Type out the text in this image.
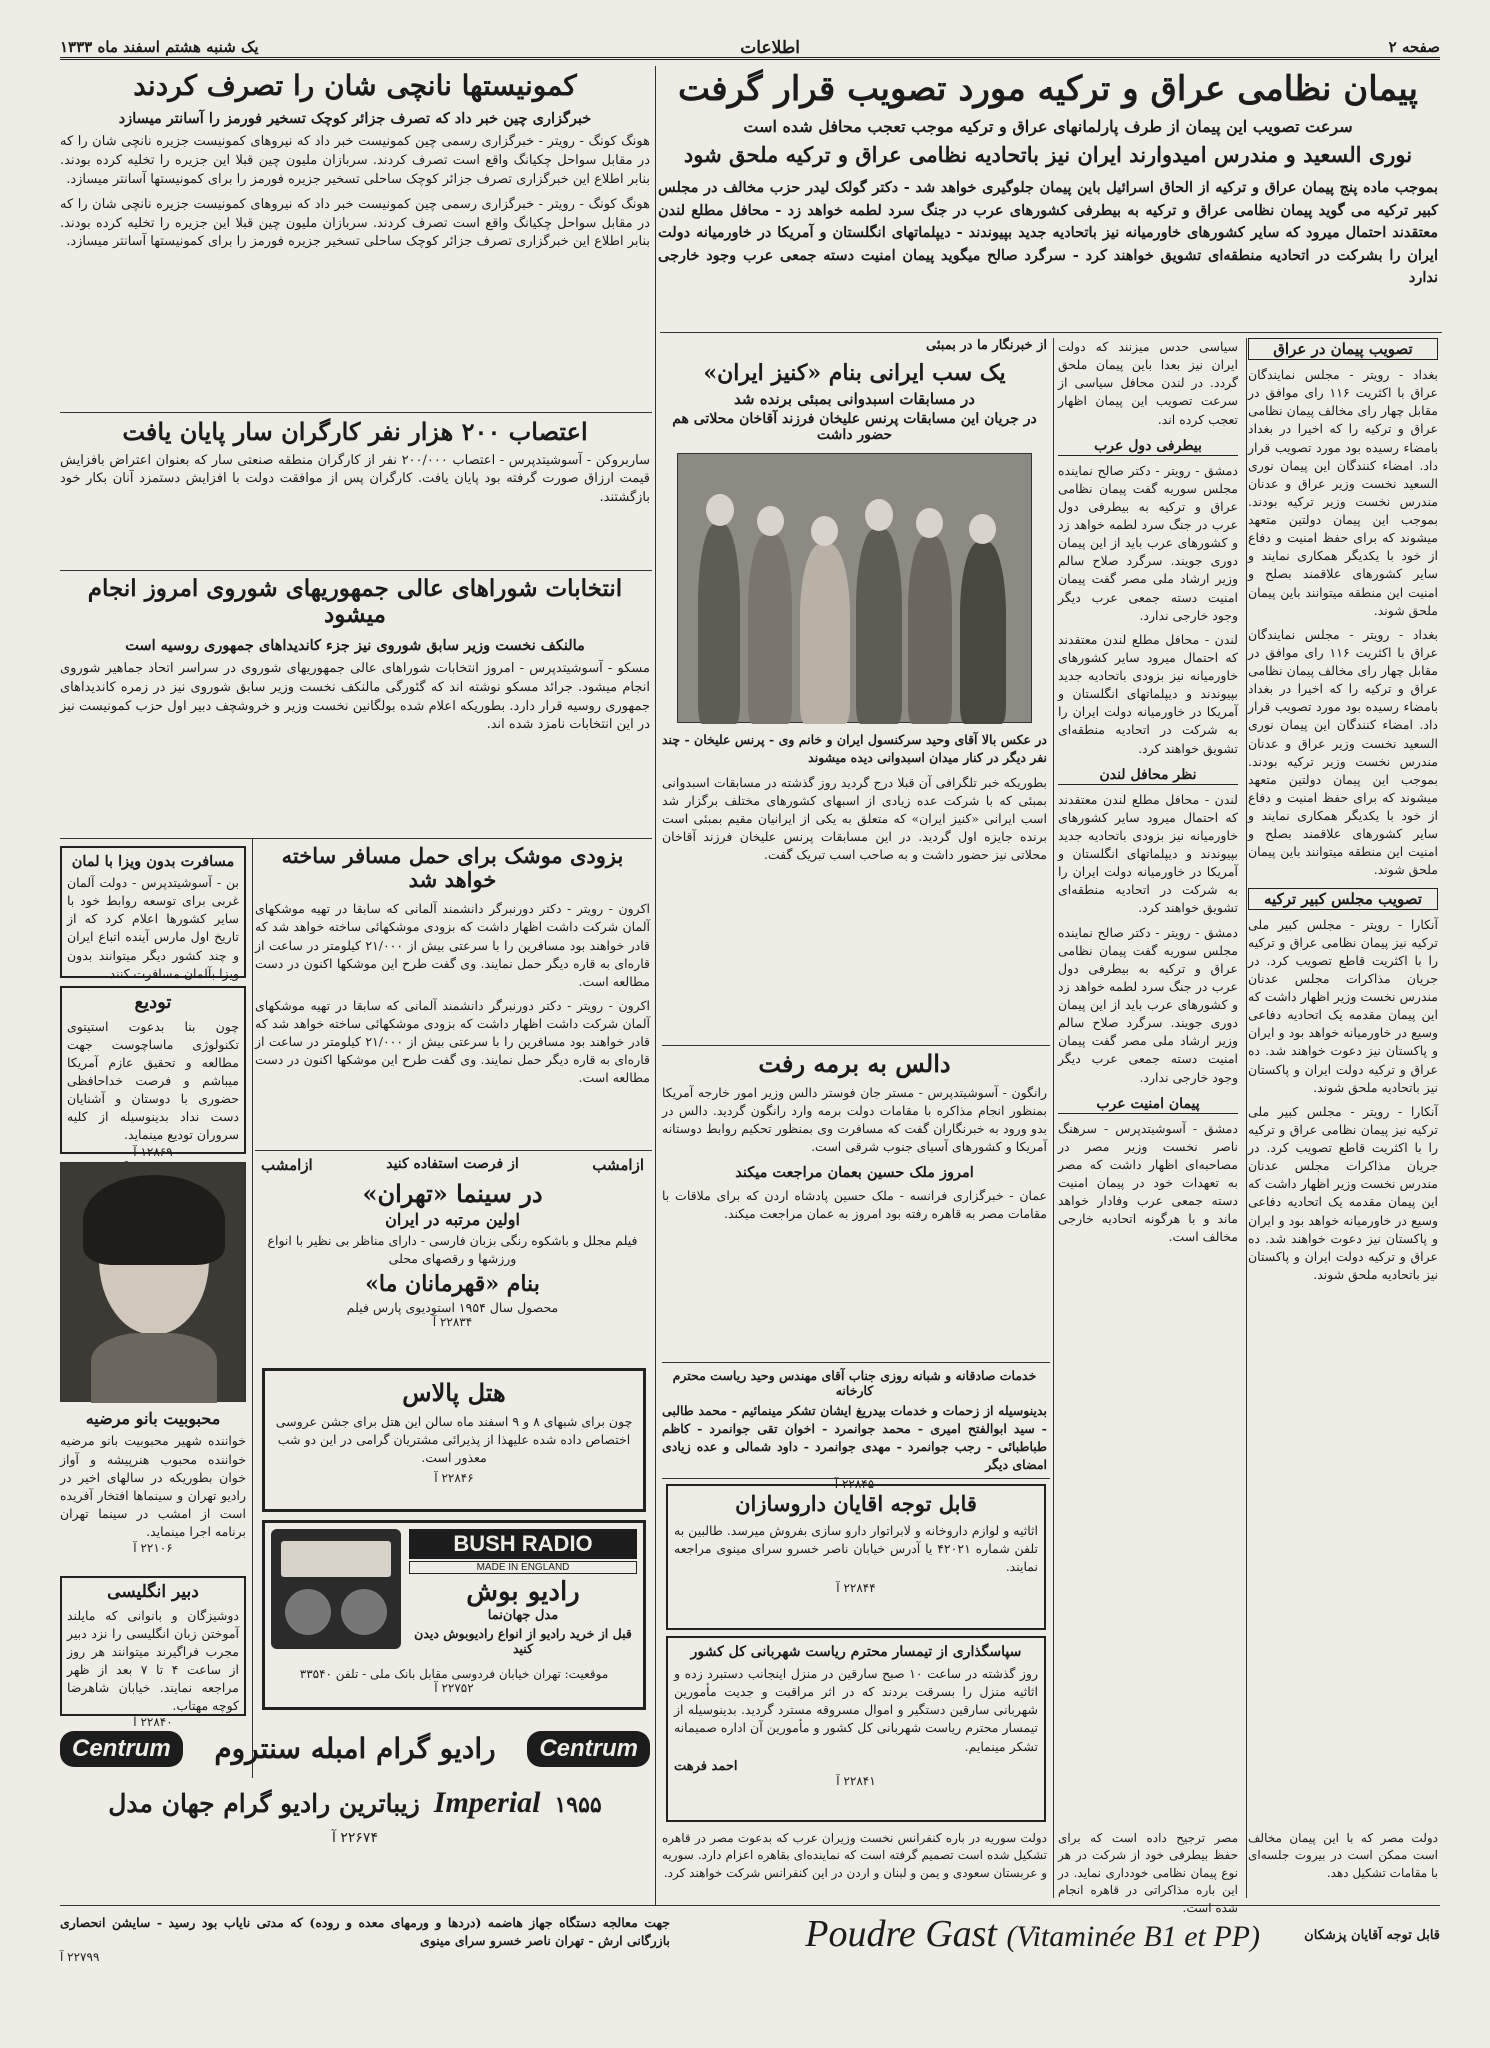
صفحه ۲
اطلاعات
یک شنبه هشتم اسفند ماه ۱۳۳۳
پیمان نظامی عراق و ترکیه مورد تصویب قرار گرفت
سرعت تصویب این پیمان از طرف پارلمانهای عراق و ترکیه موجب تعجب محافل شده است
نوری السعید و مندرس امیدوارند ایران نیز باتحادیه نظامی عراق و ترکیه ملحق شود
بموجب ماده پنج پیمان عراق و ترکیه از الحاق اسرائیل باین پیمان جلوگیری خواهد شد - دکتر گولک لیدر حزب مخالف در مجلس کبیر ترکیه می گوید پیمان نظامی عراق و ترکیه به بیطرفی کشورهای عرب در جنگ سرد لطمه خواهد زد - محافل مطلع لندن معتقدند احتمال میرود که سایر کشورهای خاورمیانه نیز باتحادیه جدید بپیوندند - دیپلماتهای انگلستان و آمریکا در خاورمیانه دولت ایران را بشرکت در اتحادیه منطقه‌ای تشویق خواهند کرد - سرگرد صالح میگوید پیمان امنیت دسته جمعی عرب وجود خارجی ندارد
تصویب پیمان در عراق
بغداد - رویتر - مجلس نمایندگان عراق با اکثریت ۱۱۶ رای موافق در مقابل چهار رای مخالف پیمان نظامی عراق و ترکیه را که اخیرا در بغداد بامضاء رسیده بود مورد تصویب قرار داد. امضاء کنندگان این پیمان نوری السعید نخست وزیر عراق و عدنان مندرس نخست وزیر ترکیه بودند. بموجب این پیمان دولتین متعهد میشوند که برای حفظ امنیت و دفاع از خود با یکدیگر همکاری نمایند و سایر کشورهای علاقمند بصلح و امنیت این منطقه میتوانند باین پیمان ملحق شوند.
بغداد - رویتر - مجلس نمایندگان عراق با اکثریت ۱۱۶ رای موافق در مقابل چهار رای مخالف پیمان نظامی عراق و ترکیه را که اخیرا در بغداد بامضاء رسیده بود مورد تصویب قرار داد. امضاء کنندگان این پیمان نوری السعید نخست وزیر عراق و عدنان مندرس نخست وزیر ترکیه بودند. بموجب این پیمان دولتین متعهد میشوند که برای حفظ امنیت و دفاع از خود با یکدیگر همکاری نمایند و سایر کشورهای علاقمند بصلح و امنیت این منطقه میتوانند باین پیمان ملحق شوند.
تصویب مجلس کبیر ترکیه
آنکارا - رویتر - مجلس کبیر ملی ترکیه نیز پیمان نظامی عراق و ترکیه را با اکثریت قاطع تصویب کرد. در جریان مذاکرات مجلس عدنان مندرس نخست وزیر اظهار داشت که این پیمان مقدمه یک اتحادیه دفاعی وسیع در خاورمیانه خواهد بود و ایران و پاکستان نیز دعوت خواهند شد. ده عراق و ترکیه دولت ایران و پاکستان نیز باتحادیه ملحق شوند.
آنکارا - رویتر - مجلس کبیر ملی ترکیه نیز پیمان نظامی عراق و ترکیه را با اکثریت قاطع تصویب کرد. در جریان مذاکرات مجلس عدنان مندرس نخست وزیر اظهار داشت که این پیمان مقدمه یک اتحادیه دفاعی وسیع در خاورمیانه خواهد بود و ایران و پاکستان نیز دعوت خواهند شد. ده عراق و ترکیه دولت ایران و پاکستان نیز باتحادیه ملحق شوند.
سیاسی حدس میزنند که دولت ایران نیز بعدا باین پیمان ملحق گردد. در لندن محافل سیاسی از سرعت تصویب این پیمان اظهار تعجب کرده اند.
بیطرفی دول عرب
دمشق - رویتر - دکتر صالح نماینده مجلس سوریه گفت پیمان نظامی عراق و ترکیه به بیطرفی دول عرب در جنگ سرد لطمه خواهد زد و کشورهای عرب باید از این پیمان دوری جویند. سرگرد صلاح سالم وزیر ارشاد ملی مصر گفت پیمان امنیت دسته جمعی عرب دیگر وجود خارجی ندارد.
لندن - محافل مطلع لندن معتقدند که احتمال میرود سایر کشورهای خاورمیانه نیز بزودی باتحادیه جدید بپیوندند و دیپلماتهای انگلستان و آمریکا در خاورمیانه دولت ایران را به شرکت در اتحادیه منطقه‌ای تشویق خواهند کرد.
نظر محافل لندن
لندن - محافل مطلع لندن معتقدند که احتمال میرود سایر کشورهای خاورمیانه نیز بزودی باتحادیه جدید بپیوندند و دیپلماتهای انگلستان و آمریکا در خاورمیانه دولت ایران را به شرکت در اتحادیه منطقه‌ای تشویق خواهند کرد.
دمشق - رویتر - دکتر صالح نماینده مجلس سوریه گفت پیمان نظامی عراق و ترکیه به بیطرفی دول عرب در جنگ سرد لطمه خواهد زد و کشورهای عرب باید از این پیمان دوری جویند. سرگرد صلاح سالم وزیر ارشاد ملی مصر گفت پیمان امنیت دسته جمعی عرب دیگر وجود خارجی ندارد.
پیمان امنیت عرب
دمشق - آسوشیتدپرس - سرهنگ ناصر نخست وزیر مصر در مصاحبه‌ای اظهار داشت که مصر به تعهدات خود در پیمان امنیت دسته جمعی عرب وفادار خواهد ماند و با هرگونه اتحادیه خارجی مخالف است.
از خبرنگار ما در بمبئی
یک سب ایرانی بنام «کنیز ایران»
در مسابقات اسبدوانی بمبئی برنده شد
در جریان این مسابقات پرنس علیخان فرزند آقاخان محلاتی هم حضور داشت
در عکس بالا آقای وحید سرکنسول ایران و خانم وی - پرنس علیخان - چند نفر دیگر در کنار میدان اسبدوانی دیده میشوند
بطوریکه خبر تلگرافی آن قبلا درج گردید روز گذشته در مسابقات اسبدوانی بمبئی که با شرکت عده زیادی از اسبهای کشورهای مختلف برگزار شد اسب ایرانی «کنیز ایران» که متعلق به یکی از ایرانیان مقیم بمبئی است برنده جایزه اول گردید. در این مسابقات پرنس علیخان فرزند آقاخان محلاتی نیز حضور داشت و به صاحب اسب تبریک گفت.
دالس به برمه رفت
رانگون - آسوشیتدپرس - مستر جان فوستر دالس وزیر امور خارجه آمریکا بمنظور انجام مذاکره با مقامات دولت برمه وارد رانگون گردید. دالس در بدو ورود به خبرنگاران گفت که مسافرت وی بمنظور تحکیم روابط دوستانه آمریکا و کشورهای آسیای جنوب شرقی است.
امروز ملک حسین بعمان مراجعت میکند
عمان - خبرگزاری فرانسه - ملک حسین پادشاه اردن که برای ملاقات با مقامات مصر به قاهره رفته بود امروز به عمان مراجعت میکند.
خدمات صادقانه و شبانه روزی جناب آقای مهندس وحید ریاست محترم کارخانه
بدینوسیله از زحمات و خدمات بیدریغ ایشان تشکر مینمائیم - محمد طالبی - سید ابوالفتح امیری - محمد جوانمرد - اخوان تقی جوانمرد - کاظم طباطبائی - رجب جوانمرد - مهدی جوانمرد - داود شمالی و عده زیادی امضای دیگر
۲۲۸۴۵ آ
قابل توجه اقایان داروسازان
اثاثیه و لوازم داروخانه و لابراتوار دارو سازی بفروش میرسد. طالبین به تلفن شماره ۴۲۰۲۱ یا آدرس خیابان ناصر خسرو سرای مینوی مراجعه نمایند.
۲۲۸۴۴ آ
سپاسگذاری از تیمسار محترم ریاست شهربانی کل کشور
روز گذشته در ساعت ۱۰ صبح سارقین در منزل اینجانب دستبرد زده و اثاثیه منزل را بسرقت بردند که در اثر مراقبت و جدیت مأمورین شهربانی سارقین دستگیر و اموال مسروقه مسترد گردید. بدینوسیله از تیمسار محترم ریاست شهربانی کل کشور و مأمورین آن اداره صمیمانه تشکر مینمایم.
احمد فرهت
۲۲۸۴۱ آ
دولت مصر که با این پیمان مخالف است ممکن است در بیروت جلسه‌ای با مقامات تشکیل دهد.
مصر ترجیح داده است که برای حفظ بیطرفی خود از شرکت در هر نوع پیمان نظامی خودداری نماید. در این باره مذاکراتی در قاهره انجام شده است.
دولت سوریه در باره کنفرانس نخست وزیران عرب که بدعوت مصر در قاهره تشکیل شده است تصمیم گرفته است که نماینده‌ای بقاهره اعزام دارد. سوریه و عربستان سعودی و یمن و لبنان و اردن در این کنفرانس شرکت خواهند کرد.
کمونیستها نانچی شان را تصرف کردند
خبرگزاری چین خبر داد که تصرف جزائر کوچک تسخیر فورمز را آسانتر میسازد
هونگ کونگ - رویتر - خبرگزاری رسمی چین کمونیست خبر داد که نیروهای کمونیست جزیره نانچی شان را که در مقابل سواحل چکیانگ واقع است تصرف کردند. سربازان ملیون چین قبلا این جزیره را تخلیه کرده بودند. بنابر اطلاع این خبرگزاری تصرف جزائر کوچک ساحلی تسخیر جزیره فورمز را برای کمونیستها آسانتر میسازد.
هونگ کونگ - رویتر - خبرگزاری رسمی چین کمونیست خبر داد که نیروهای کمونیست جزیره نانچی شان را که در مقابل سواحل چکیانگ واقع است تصرف کردند. سربازان ملیون چین قبلا این جزیره را تخلیه کرده بودند. بنابر اطلاع این خبرگزاری تصرف جزائر کوچک ساحلی تسخیر جزیره فورمز را برای کمونیستها آسانتر میسازد.
اعتصاب ۲۰۰ هزار نفر کارگران سار پایان یافت
ساربروکن - آسوشیتدپرس - اعتصاب ۲۰۰/۰۰۰ نفر از کارگران منطقه صنعتی سار که بعنوان اعتراض بافزایش قیمت ارزاق صورت گرفته بود پایان یافت. کارگران پس از موافقت دولت با افزایش دستمزد آنان بکار خود بازگشتند.
انتخابات شوراهای عالی جمهوریهای شوروی امروز انجام میشود
مالنکف نخست وزیر سابق شوروی نیز جزء کاندیداهای جمهوری روسیه است
مسکو - آسوشیتدپرس - امروز انتخابات شوراهای عالی جمهوریهای شوروی در سراسر اتحاد جماهیر شوروی انجام میشود. جرائد مسکو نوشته اند که گئورگی مالنکف نخست وزیر سابق شوروی نیز در زمره کاندیداهای جمهوری روسیه قرار دارد. بطوریکه اعلام شده بولگانین نخست وزیر و خروشچف دبیر اول حزب کمونیست نیز در این انتخابات نامزد شده اند.
بزودی موشک برای حمل مسافر ساخته خواهد شد
اکرون - رویتر - دکتر دورنبرگر دانشمند آلمانی که سابقا در تهیه موشکهای آلمان شرکت داشت اظهار داشت که بزودی موشکهائی ساخته خواهد شد که قادر خواهند بود مسافرین را با سرعتی بیش از ۲۱/۰۰۰ کیلومتر در ساعت از قاره‌ای به قاره دیگر حمل نمایند. وی گفت طرح این موشکها اکنون در دست مطالعه است.
اکرون - رویتر - دکتر دورنبرگر دانشمند آلمانی که سابقا در تهیه موشکهای آلمان شرکت داشت اظهار داشت که بزودی موشکهائی ساخته خواهد شد که قادر خواهند بود مسافرین را با سرعتی بیش از ۲۱/۰۰۰ کیلومتر در ساعت از قاره‌ای به قاره دیگر حمل نمایند. وی گفت طرح این موشکها اکنون در دست مطالعه است.
ازامشب
از فرصت استفاده کنید
ازامشب
در سینما «تهران»
اولین مرتبه در ایران
فیلم مجلل و باشکوه رنگی بزبان فارسی - دارای مناظر بی نظیر با انواع ورزشها و رقصهای محلی
بنام «قهرمانان ما»
محصول سال ۱۹۵۴ استودیوی پارس فیلم
۲۲۸۳۴ آ
هتل پالاس
چون برای شبهای ۸ و ۹ اسفند ماه سالن این هتل برای جشن عروسی اختصاص داده شده علیهذا از پذیرائی مشتریان گرامی در این دو شب معذور است.
۲۲۸۴۶ آ
BUSH RADIO
MADE IN ENGLAND
رادیو بوش
مدل جهان‌نما
قبل از خرید رادیو از انواع رادیوبوش دیدن کنید
موقعیت: تهران خیابان فردوسی مقابل بانک ملی - تلفن ۳۳۵۴۰
۲۲۷۵۲ آ
مسافرت بدون ویزا با لمان
بن - آسوشیتدپرس - دولت آلمان غربی برای توسعه روابط خود با سایر کشورها اعلام کرد که از تاریخ اول مارس آینده اتباع ایران و چند کشور دیگر میتوانند بدون ویزا بآلمان مسافرت کنند.
تودیع
چون بنا بدعوت استیتوی تکنولوژی ماساچوست جهت مطالعه و تحقیق عازم آمریکا میباشم و فرصت خداحافظی حضوری با دوستان و آشنایان دست نداد بدینوسیله از کلیه سروران تودیع مینماید.
۱۲۸۶۹ آ
محبوبیت بانو مرضیه
خواننده شهیر محبوبیت بانو مرضیه خواننده محبوب هنرپیشه و آواز خوان بطوریکه در سالهای اخیر در رادیو تهران و سینماها افتخار آفریده است از امشب در سینما تهران برنامه اجرا مینماید.
۲۲۱۰۶ آ
دبیر انگلیسی
دوشیزگان و بانوانی که مایلند آموختن زبان انگلیسی را نزد دبیر مجرب فراگیرند میتوانند هر روز از ساعت ۴ تا ۷ بعد از ظهر مراجعه نمایند. خیابان شاهرضا کوچه مهتاب.
۲۲۸۴۰ آ
Centrum	رادیو گرام امبله سنتروم	Centrum
زیباترین رادیو گرام جهان مدل Imperial ۱۹۵۵
۲۲۶۷۴ آ
قابل توجه آقایان پزشکان
Poudre Gast (Vitaminée B1 et PP)
جهت معالجه دستگاه جهاز هاضمه (دردها و ورمهای معده و روده) که مدتی نایاب بود رسید - سایشن انحصاری بازرگانی ارش - تهران ناصر خسرو سرای مینوی
۲۲۷۹۹ آ
